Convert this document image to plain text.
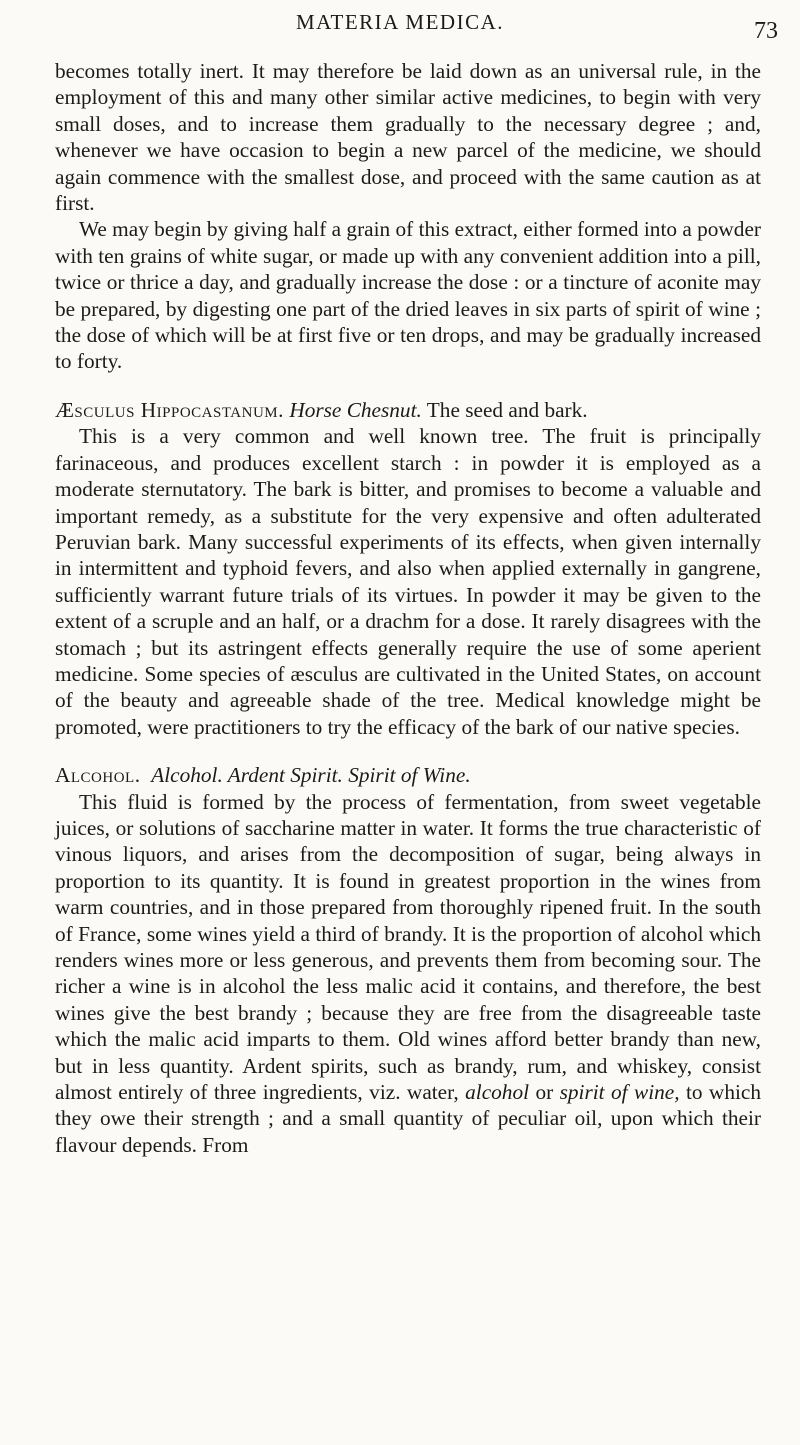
MATERIA MEDICA.	73

becomes totally inert. It may therefore be laid down as an universal rule, in the employment of this and many other similar active medicines, to begin with very small doses, and to increase them gradually to the necessary degree ; and, whenever we have occasion to begin a new parcel of the medicine, we should again commence with the smallest dose, and proceed with the same caution as at first.

We may begin by giving half a grain of this extract, either formed into a powder with ten grains of white sugar, or made up with any convenient addition into a pill, twice or thrice a day, and gradually increase the dose : or a tincture of aconite may be prepared, by digesting one part of the dried leaves in six parts of spirit of wine ; the dose of which will be at first five or ten drops, and may be gradually increased to forty.

Æsculus Hippocastanum. Horse Chesnut. The seed and bark.

This is a very common and well known tree. The fruit is principally farinaceous, and produces excellent starch : in powder it is employed as a moderate sternutatory. The bark is bitter, and promises to become a valuable and important remedy, as a substitute for the very expensive and often adulterated Peruvian bark. Many successful experiments of its effects, when given internally in intermittent and typhoid fevers, and also when applied externally in gangrene, sufficiently warrant future trials of its virtues. In powder it may be given to the extent of a scruple and an half, or a drachm for a dose. It rarely disagrees with the stomach ; but its astringent effects generally require the use of some aperient medicine. Some species of æsculus are cultivated in the United States, on account of the beauty and agreeable shade of the tree. Medical knowledge might be promoted, were practitioners to try the efficacy of the bark of our native species.

Alcohol. Alcohol. Ardent Spirit. Spirit of Wine.

This fluid is formed by the process of fermentation, from sweet vegetable juices, or solutions of saccharine matter in water. It forms the true characteristic of vinous liquors, and arises from the decomposition of sugar, being always in proportion to its quantity. It is found in greatest proportion in the wines from warm countries, and in those prepared from thoroughly ripened fruit. In the south of France, some wines yield a third of brandy. It is the proportion of alcohol which renders wines more or less generous, and prevents them from becoming sour. The richer a wine is in alcohol the less malic acid it contains, and therefore, the best wines give the best brandy ; because they are free from the disagreeable taste which the malic acid imparts to them. Old wines afford better brandy than new, but in less quantity. Ardent spirits, such as brandy, rum, and whiskey, consist almost entirely of three ingredients, viz. water, alcohol or spirit of wine, to which they owe their strength ; and a small quantity of peculiar oil, upon which their flavour depends. From
